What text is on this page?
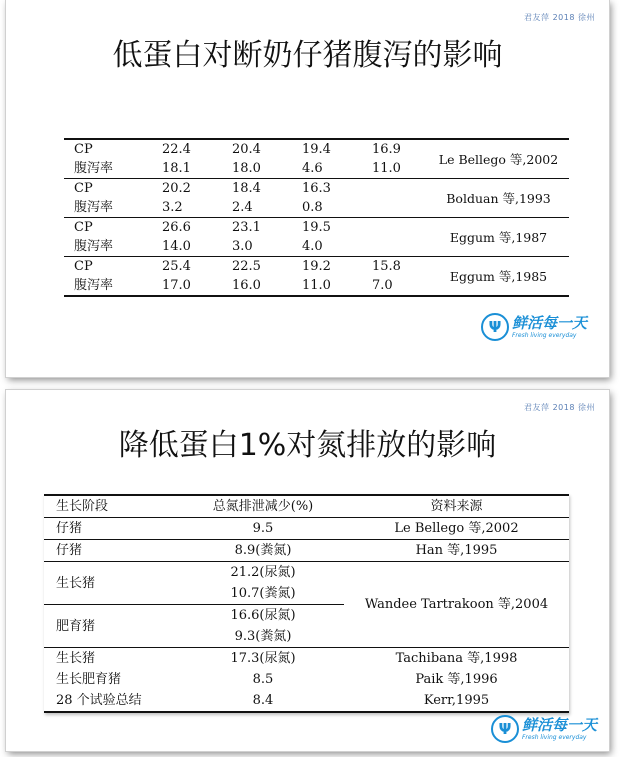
君友萍 2018 徐州
低蛋白对断奶仔猪腹泻的影响
CP	22.4	20.4	19.4	16.9	Le Bellego 等,2002
腹泻率	18.1	18.0	4.6	11.0	
CP	20.2	18.4	16.3		Bolduan 等,1993
腹泻率	3.2	2.4	0.8		
CP	26.6	23.1	19.5		Eggum 等,1987
腹泻率	14.0	3.0	4.0		
CP	25.4	22.5	19.2	15.8	Eggum 等,1985
腹泻率	17.0	16.0	11.0	7.0	
Ψ 鲜活每一天
Fresh living everyday
君友萍 2018 徐州
降低蛋白1%对氮排放的影响
生长阶段	总氮排泄减少(%)	资料来源
仔猪	9.5	Le Bellego 等,2002
仔猪	8.9(粪氮)	Han 等,1995
生长猪	21.2(尿氮)	Wandee Tartrakoon 等,2004
	10.7(粪氮)	
肥育猪	16.6(尿氮)	
	9.3(粪氮)	
生长猪	17.3(尿氮)	Tachibana 等,1998
生长肥育猪	8.5	Paik 等,1996
28 个试验总结	8.4	Kerr,1995
Ψ 鲜活每一天
Fresh living everyday
